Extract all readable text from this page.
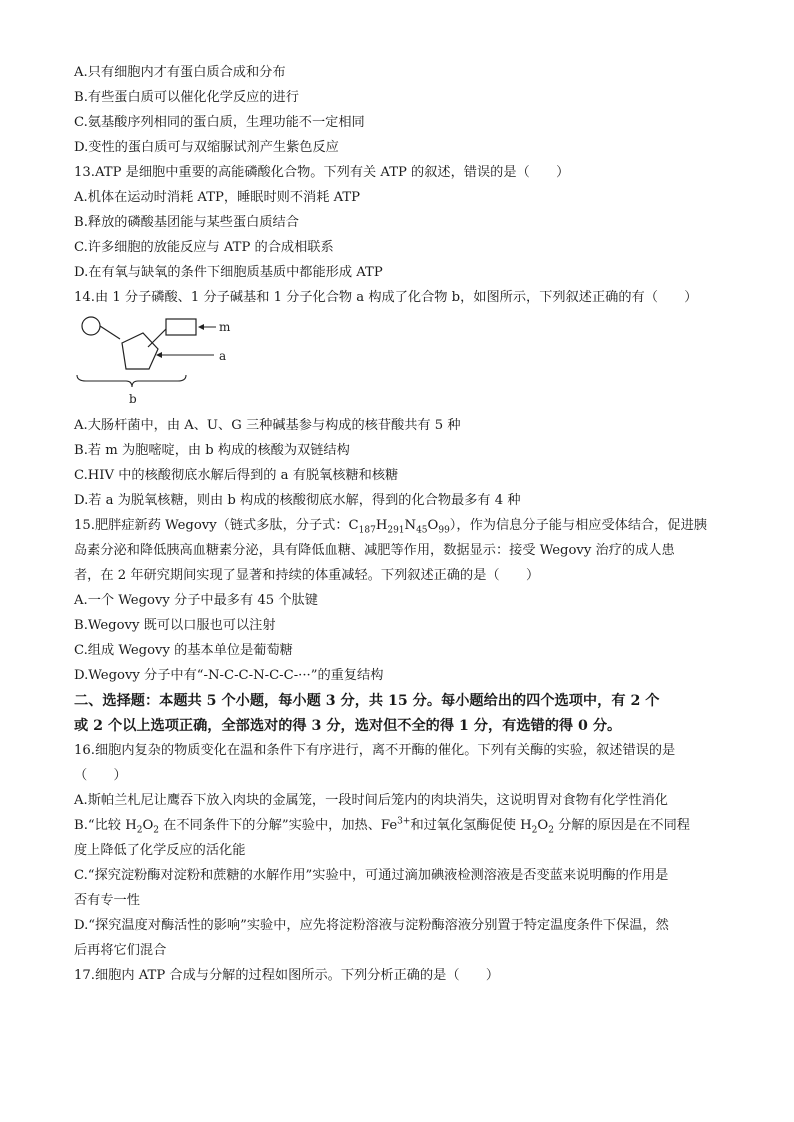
A.只有细胞内才有蛋白质合成和分布
B.有些蛋白质可以催化化学反应的进行
C.氨基酸序列相同的蛋白质，生理功能不一定相同
D.变性的蛋白质可与双缩脲试剂产生紫色反应
13.ATP 是细胞中重要的高能磷酸化合物。下列有关 ATP 的叙述，错误的是（　　）
A.机体在运动时消耗 ATP，睡眠时则不消耗 ATP
B.释放的磷酸基团能与某些蛋白质结合
C.许多细胞的放能反应与 ATP 的合成相联系
D.在有氧与缺氧的条件下细胞质基质中都能形成 ATP
14.由 1 分子磷酸、1 分子碱基和 1 分子化合物 a 构成了化合物 b，如图所示，下列叙述正确的有（　　）
m
a
b
A.大肠杆菌中，由 A、U、G 三种碱基参与构成的核苷酸共有 5 种
B.若 m 为胞嘧啶，由 b 构成的核酸为双链结构
C.HIV 中的核酸彻底水解后得到的 a 有脱氧核糖和核糖
D.若 a 为脱氧核糖，则由 b 构成的核酸彻底水解，得到的化合物最多有 4 种
15.肥胖症新药 Wegovy（链式多肽，分子式：$C_{187}H_{291}N_{45}O_{99}$），作为信息分子能与相应受体结合，促进胰
岛素分泌和降低胰高血糖素分泌，具有降低血糖、减肥等作用，数据显示：接受 Wegovy 治疗的成人患
者，在 2 年研究期间实现了显著和持续的体重减轻。下列叙述正确的是（　　）
A.一个 Wegovy 分子中最多有 45 个肽键
B.Wegovy 既可以口服也可以注射
C.组成 Wegovy 的基本单位是葡萄糖
D.Wegovy 分子中有“-N-C-C-N-C-C-···”的重复结构
二、选择题：本题共 5 个小题，每小题 3 分，共 15 分。每小题给出的四个选项中，有 2 个
或 2 个以上选项正确，全部选对的得 3 分，选对但不全的得 1 分，有选错的得 0 分。
16.细胞内复杂的物质变化在温和条件下有序进行，离不开酶的催化。下列有关酶的实验，叙述错误的是
（　　）
A.斯帕兰札尼让鹰吞下放入肉块的金属笼，一段时间后笼内的肉块消失，这说明胃对食物有化学性消化
B.“比较 $H_2O_2$ 在不同条件下的分解”实验中，加热、$Fe^{3+}$和过氧化氢酶促使 $H_2O_2$ 分解的原因是在不同程
度上降低了化学反应的活化能
C.“探究淀粉酶对淀粉和蔗糖的水解作用”实验中，可通过滴加碘液检测溶液是否变蓝来说明酶的作用是
否有专一性
D.“探究温度对酶活性的影响”实验中，应先将淀粉溶液与淀粉酶溶液分别置于特定温度条件下保温，然
后再将它们混合
17.细胞内 ATP 合成与分解的过程如图所示。下列分析正确的是（　　）
